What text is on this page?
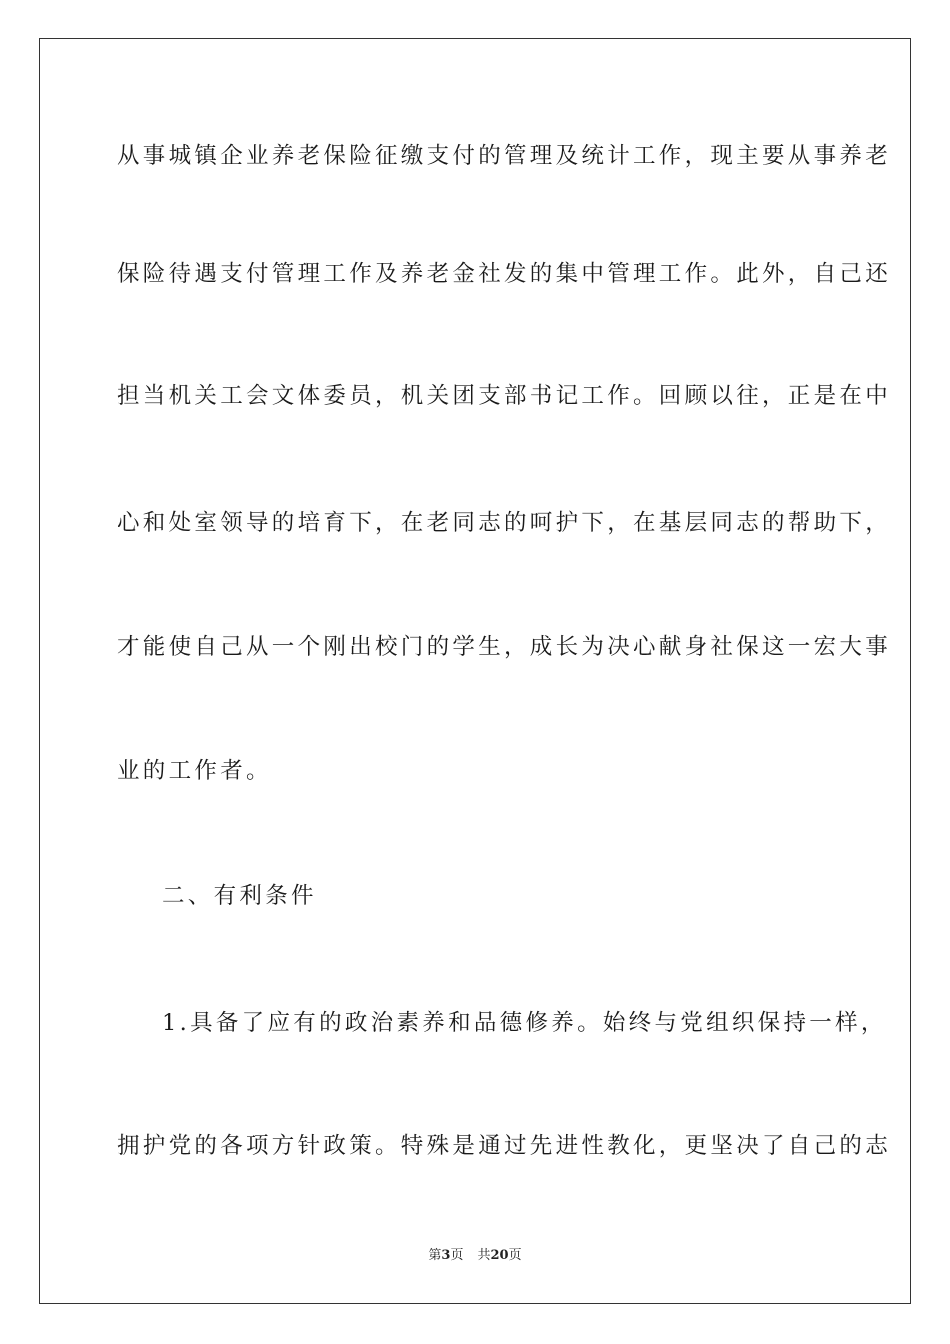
从事城镇企业养老保险征缴支付的管理及统计工作，现主要从事养老
保险待遇支付管理工作及养老金社发的集中管理工作。此外，自己还
担当机关工会文体委员，机关团支部书记工作。回顾以往，正是在中
心和处室领导的培育下，在老同志的呵护下，在基层同志的帮助下，
才能使自己从一个刚出校门的学生，成长为决心献身社保这一宏大事
业的工作者。
二、有利条件
1.具备了应有的政治素养和品德修养。始终与党组织保持一样，
拥护党的各项方针政策。特殊是通过先进性教化，更坚决了自己的志
第3页 共20页
